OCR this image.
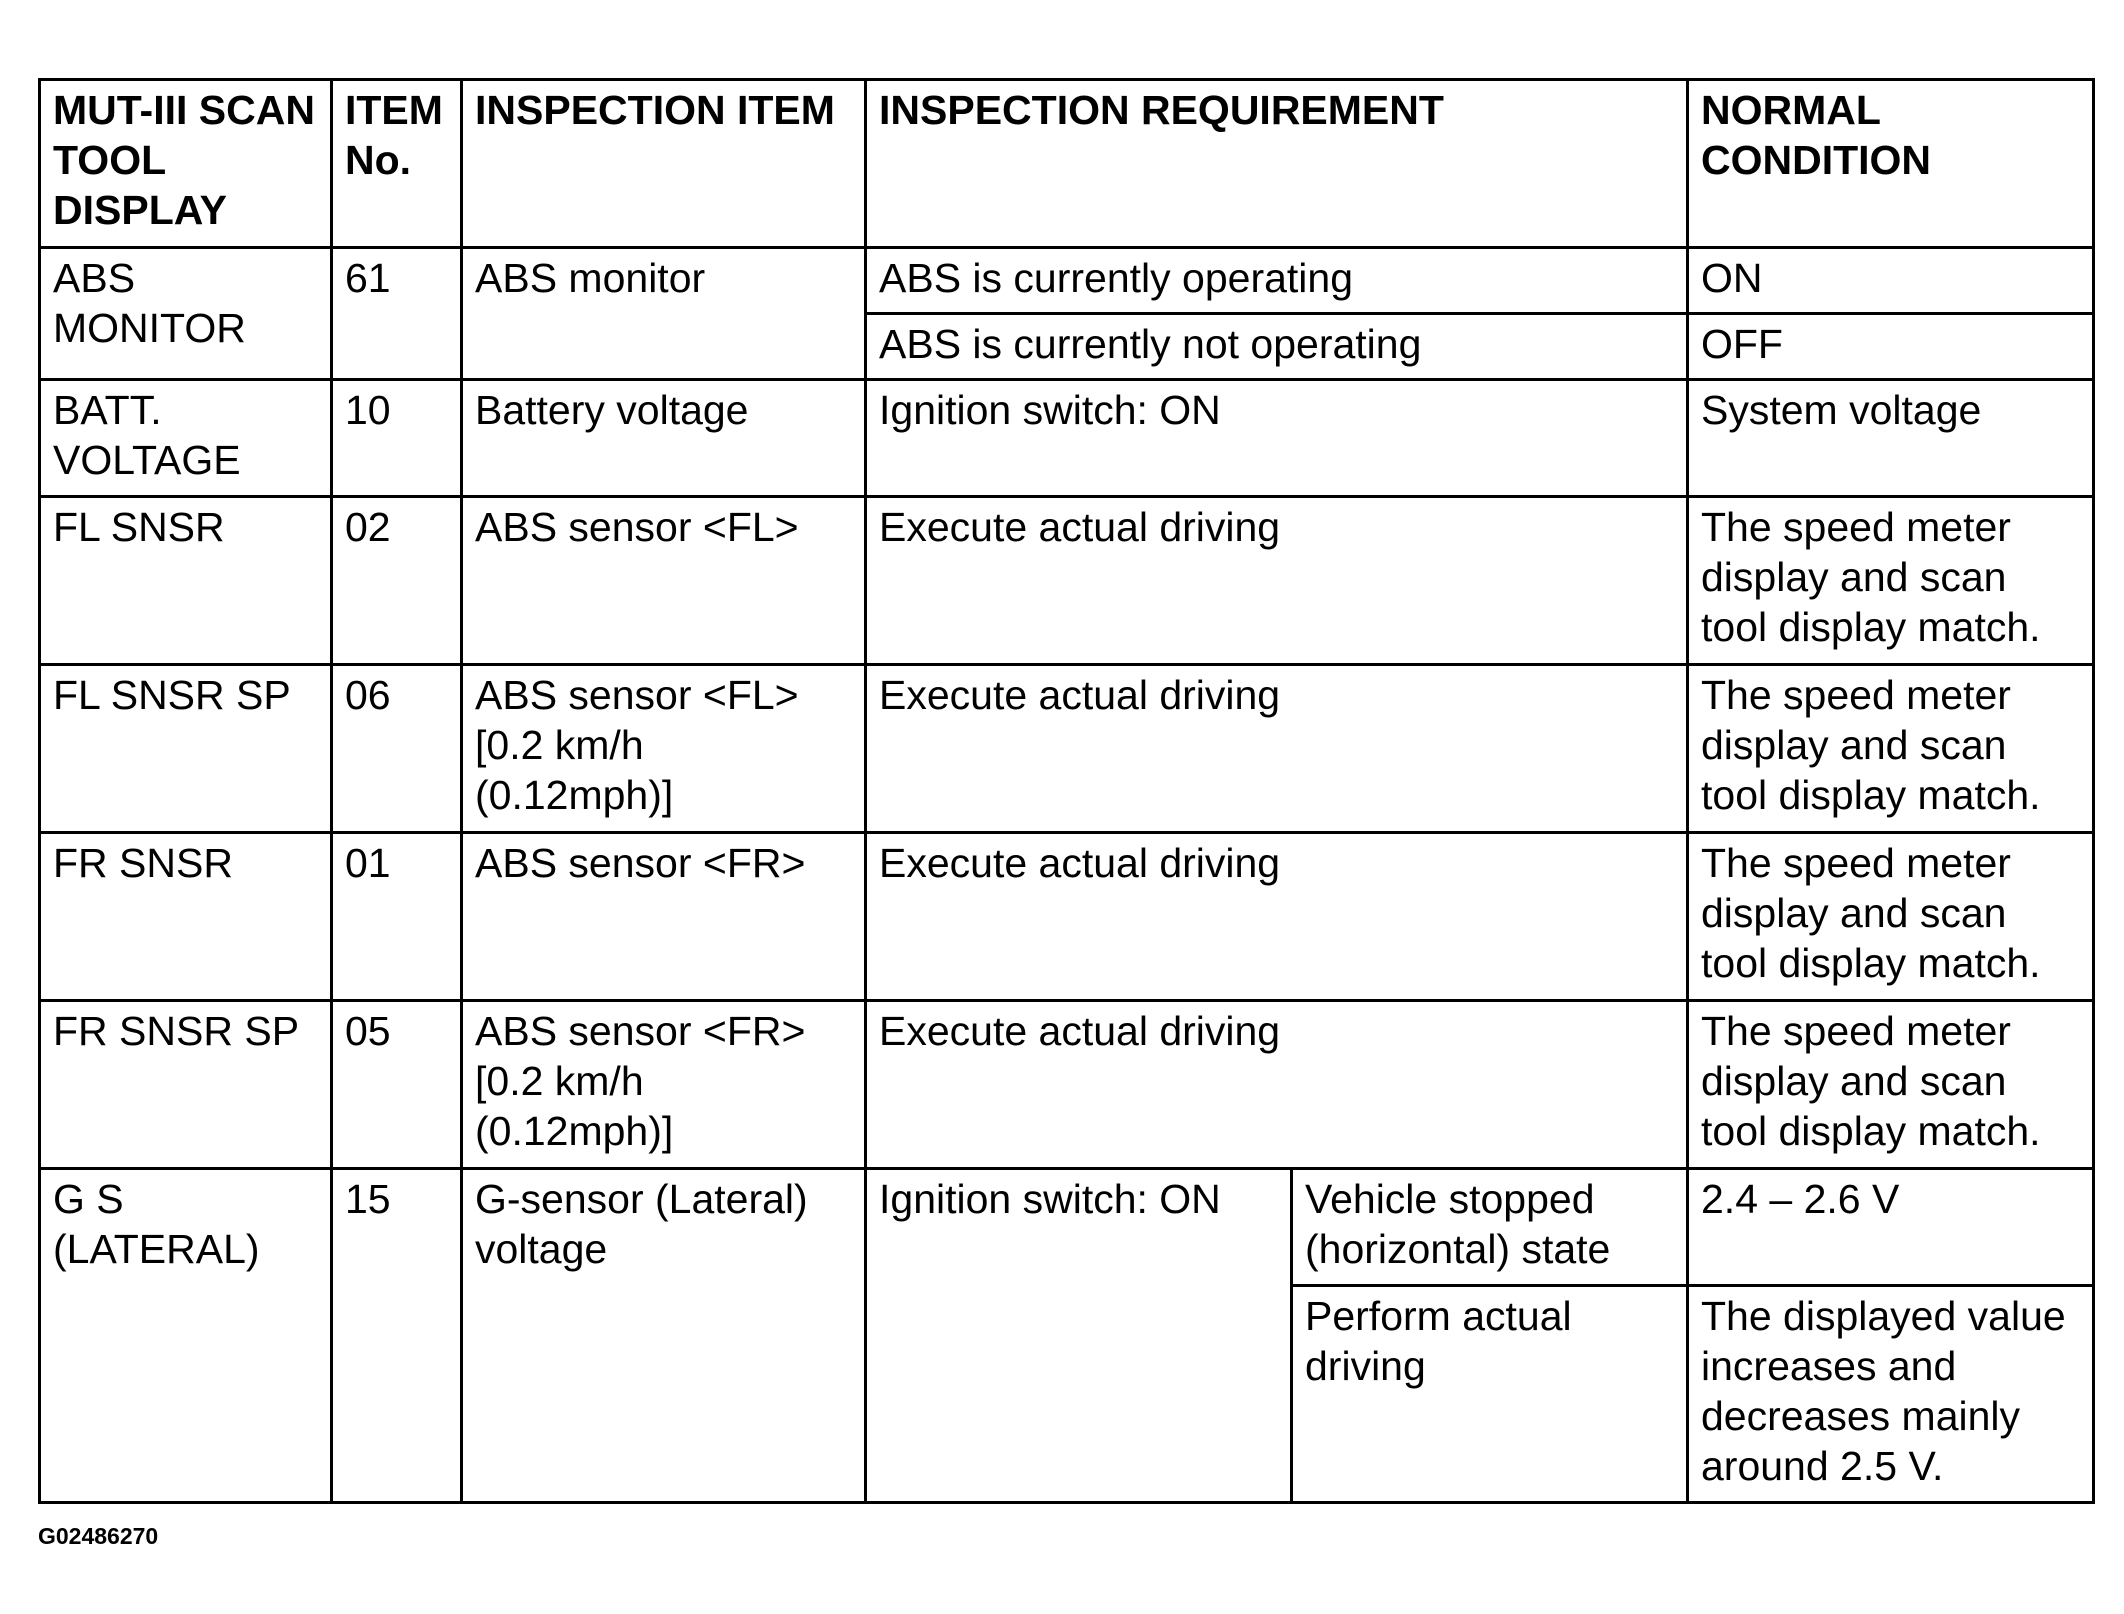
MUT-III SCAN TOOL DISPLAY	ITEM No.	INSPECTION ITEM	INSPECTION REQUIREMENT		NORMAL CONDITION
ABS MONITOR	61	ABS monitor	ABS is currently operating		ON
			ABS is currently not operating		OFF
BATT. VOLTAGE	10	Battery voltage	Ignition switch: ON		System voltage
FL SNSR	02	ABS sensor <FL>	Execute actual driving		The speed meter display and scan tool display match.
FL SNSR SP	06	ABS sensor <FL> [0.2 km/h (0.12mph)]	Execute actual driving		The speed meter display and scan tool display match.
FR SNSR	01	ABS sensor <FR>	Execute actual driving		The speed meter display and scan tool display match.
FR SNSR SP	05	ABS sensor <FR> [0.2 km/h (0.12mph)]	Execute actual driving		The speed meter display and scan tool display match.
G S (LATERAL)	15	G-sensor (Lateral) voltage	Ignition switch: ON	Vehicle stopped (horizontal) state	2.4 – 2.6 V
				Perform actual driving	The displayed value increases and decreases mainly around 2.5 V.
G02486270
